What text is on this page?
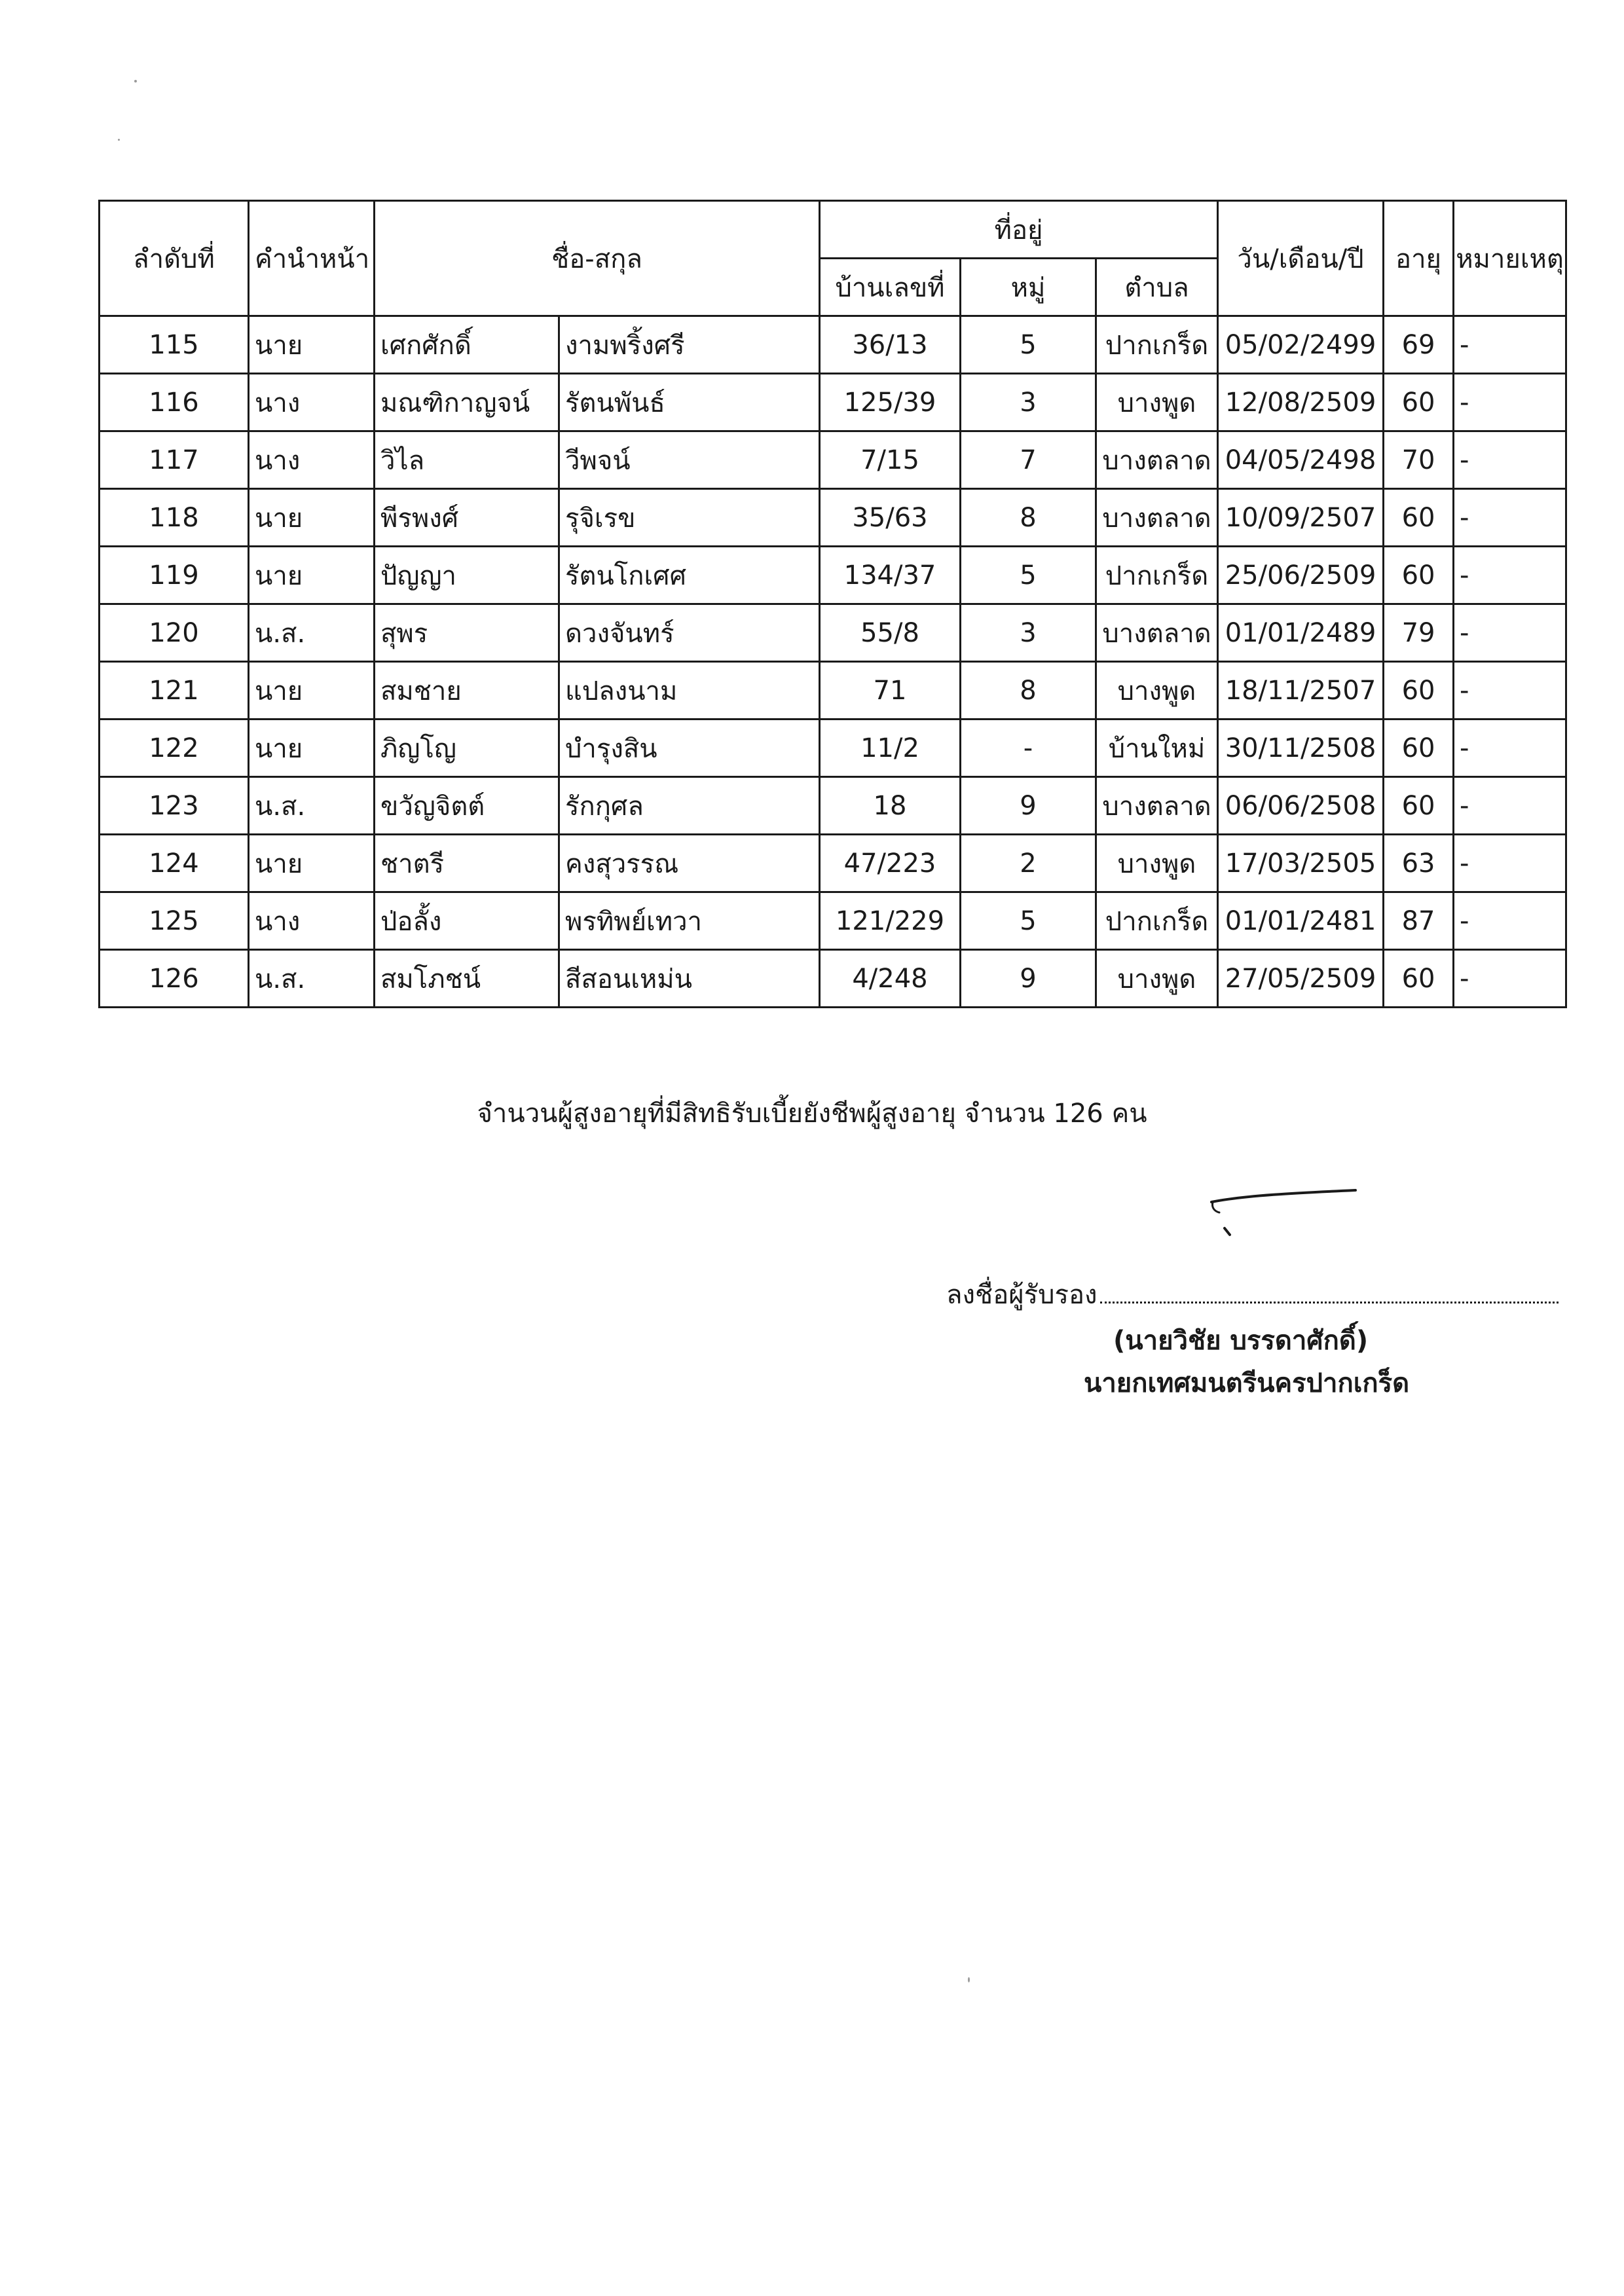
ลำดับที่	คำนำหน้า	ชื่อ-สกุล		ที่อยู่			วัน/เดือน/ปี	อายุ	หมายเหตุ
				บ้านเลขที่	หมู่	ตำบล			
115	นาย	เศกศักดิ์	งามพริ้งศรี	36/13	5	ปากเกร็ด	05/02/2499	69	-
116	นาง	มณฑิกาญจน์	รัตนพันธ์	125/39	3	บางพูด	12/08/2509	60	-
117	นาง	วิไล	วีพจน์	7/15	7	บางตลาด	04/05/2498	70	-
118	นาย	พีรพงศ์	รุจิเรข	35/63	8	บางตลาด	10/09/2507	60	-
119	นาย	ปัญญา	รัตนโกเศศ	134/37	5	ปากเกร็ด	25/06/2509	60	-
120	น.ส.	สุพร	ดวงจันทร์	55/8	3	บางตลาด	01/01/2489	79	-
121	นาย	สมชาย	แปลงนาม	71	8	บางพูด	18/11/2507	60	-
122	นาย	ภิญโญ	บำรุงสิน	11/2	-	บ้านใหม่	30/11/2508	60	-
123	น.ส.	ขวัญจิตต์	รักกุศล	18	9	บางตลาด	06/06/2508	60	-
124	นาย	ชาตรี	คงสุวรรณ	47/223	2	บางพูด	17/03/2505	63	-
125	นาง	ป่อลั้ง	พรทิพย์เทวา	121/229	5	ปากเกร็ด	01/01/2481	87	-
126	น.ส.	สมโภชน์	สีสอนเหม่น	4/248	9	บางพูด	27/05/2509	60	-
จำนวนผู้สูงอายุที่มีสิทธิรับเบี้ยยังชีพผู้สูงอายุ จำนวน 126 คน
ลงชื่อผู้รับรอง
(นายวิชัย บรรดาศักดิ์)
นายกเทศมนตรีนครปากเกร็ด
